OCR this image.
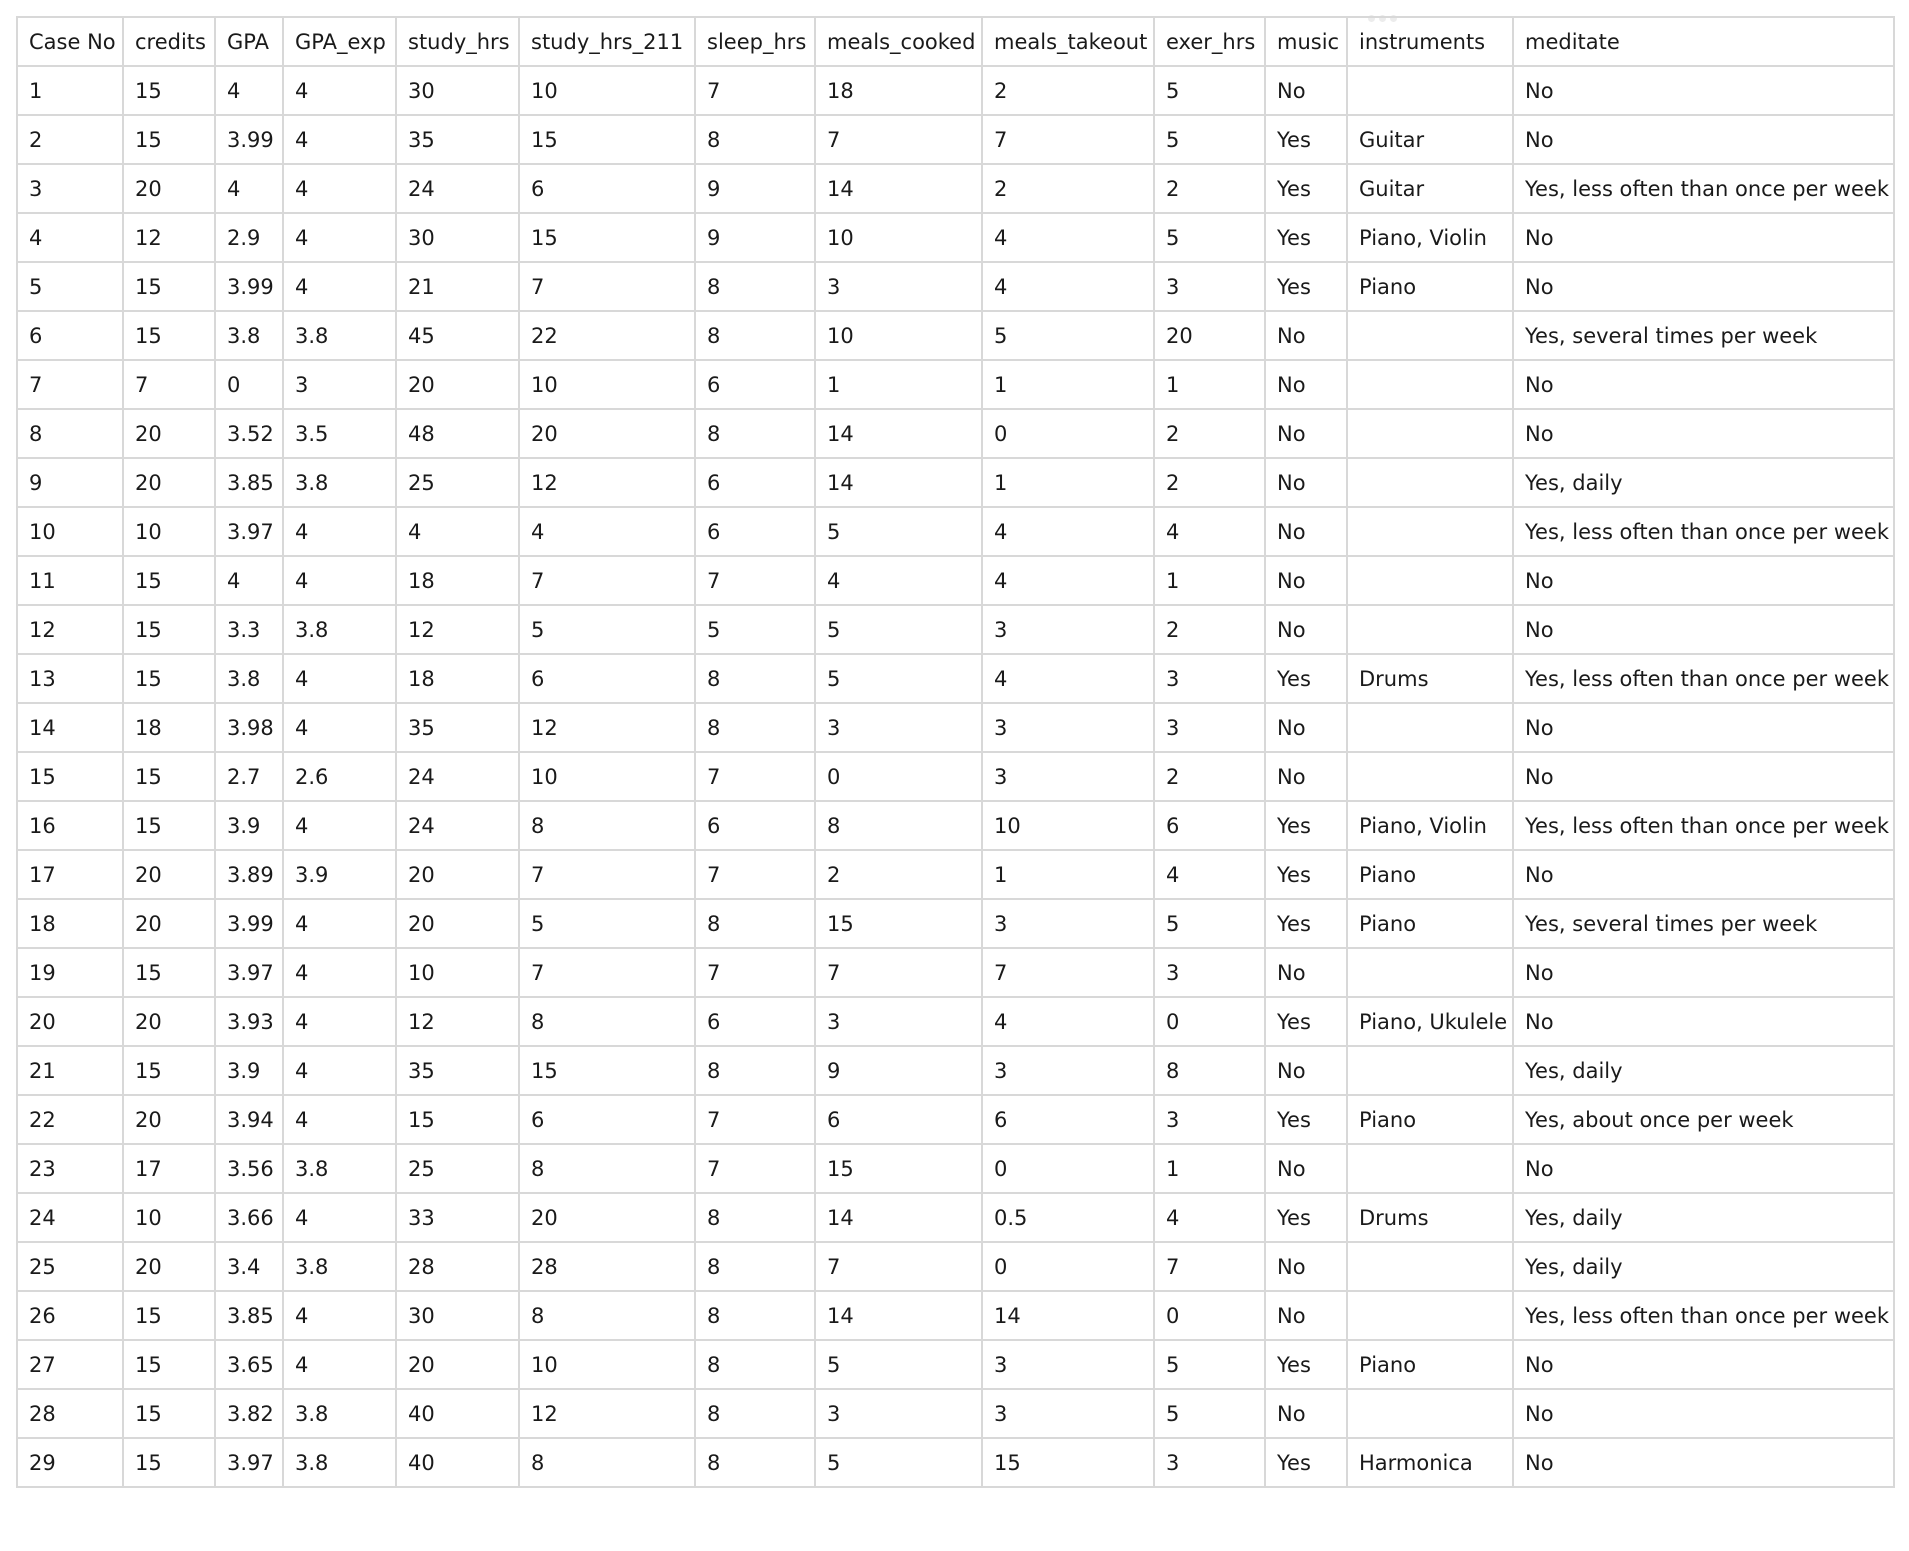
Case No	credits	GPA	GPA_exp	study_hrs	study_hrs_211	sleep_hrs	meals_cooked	meals_takeout	exer_hrs	music	instruments	meditate
1	15	4	4	30	10	7	18	2	5	No		No
2	15	3.99	4	35	15	8	7	7	5	Yes	Guitar	No
3	20	4	4	24	6	9	14	2	2	Yes	Guitar	Yes, less often than once per week
4	12	2.9	4	30	15	9	10	4	5	Yes	Piano, Violin	No
5	15	3.99	4	21	7	8	3	4	3	Yes	Piano	No
6	15	3.8	3.8	45	22	8	10	5	20	No		Yes, several times per week
7	7	0	3	20	10	6	1	1	1	No		No
8	20	3.52	3.5	48	20	8	14	0	2	No		No
9	20	3.85	3.8	25	12	6	14	1	2	No		Yes, daily
10	10	3.97	4	4	4	6	5	4	4	No		Yes, less often than once per week
11	15	4	4	18	7	7	4	4	1	No		No
12	15	3.3	3.8	12	5	5	5	3	2	No		No
13	15	3.8	4	18	6	8	5	4	3	Yes	Drums	Yes, less often than once per week
14	18	3.98	4	35	12	8	3	3	3	No		No
15	15	2.7	2.6	24	10	7	0	3	2	No		No
16	15	3.9	4	24	8	6	8	10	6	Yes	Piano, Violin	Yes, less often than once per week
17	20	3.89	3.9	20	7	7	2	1	4	Yes	Piano	No
18	20	3.99	4	20	5	8	15	3	5	Yes	Piano	Yes, several times per week
19	15	3.97	4	10	7	7	7	7	3	No		No
20	20	3.93	4	12	8	6	3	4	0	Yes	Piano, Ukulele	No
21	15	3.9	4	35	15	8	9	3	8	No		Yes, daily
22	20	3.94	4	15	6	7	6	6	3	Yes	Piano	Yes, about once per week
23	17	3.56	3.8	25	8	7	15	0	1	No		No
24	10	3.66	4	33	20	8	14	0.5	4	Yes	Drums	Yes, daily
25	20	3.4	3.8	28	28	8	7	0	7	No		Yes, daily
26	15	3.85	4	30	8	8	14	14	0	No		Yes, less often than once per week
27	15	3.65	4	20	10	8	5	3	5	Yes	Piano	No
28	15	3.82	3.8	40	12	8	3	3	5	No		No
29	15	3.97	3.8	40	8	8	5	15	3	Yes	Harmonica	No
